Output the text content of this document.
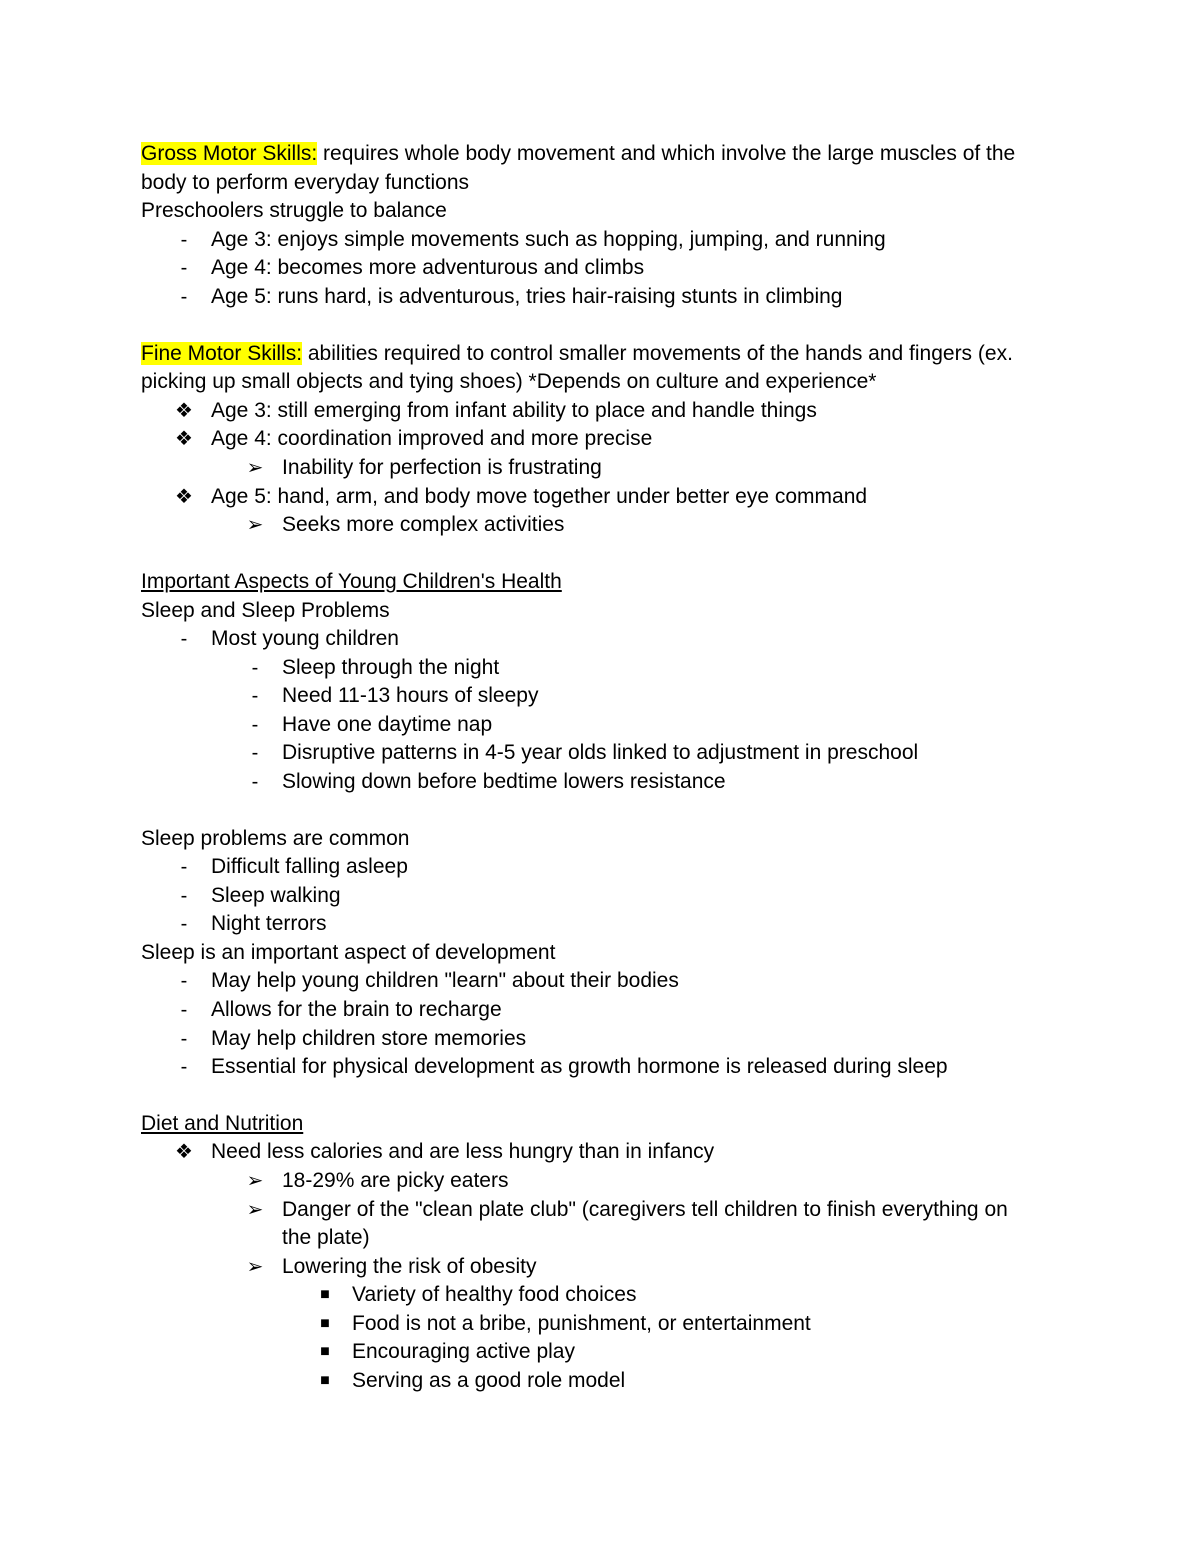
Gross Motor Skills: requires whole body movement and which involve the large muscles of the
body to perform everyday functions
Preschoolers struggle to balance
-	Age 3: enjoys simple movements such as hopping, jumping, and running
-	Age 4: becomes more adventurous and climbs
-	Age 5: runs hard, is adventurous, tries hair-raising stunts in climbing
Fine Motor Skills: abilities required to control smaller movements of the hands and fingers (ex.
picking up small objects and tying shoes) *Depends on culture and experience*
❖ Age 3: still emerging from infant ability to place and handle things
❖ Age 4: coordination improved and more precise
➢ Inability for perfection is frustrating
❖ Age 5: hand, arm, and body move together under better eye command
➢ Seeks more complex activities
Important Aspects of Young Children's Health
Sleep and Sleep Problems
-	Most young children
-	Sleep through the night
-	Need 11-13 hours of sleepy
-	Have one daytime nap
-	Disruptive patterns in 4-5 year olds linked to adjustment in preschool
-	Slowing down before bedtime lowers resistance
Sleep problems are common
-	Difficult falling asleep
-	Sleep walking
-	Night terrors
Sleep is an important aspect of development
-	May help young children "learn" about their bodies
-	Allows for the brain to recharge
-	May help children store memories
-	Essential for physical development as growth hormone is released during sleep
Diet and Nutrition
❖ Need less calories and are less hungry than in infancy
➢ 18-29% are picky eaters
➢ Danger of the "clean plate club" (caregivers tell children to finish everything on
the plate)
➢ Lowering the risk of obesity
■	Variety of healthy food choices
■	Food is not a bribe, punishment, or entertainment
■	Encouraging active play
■	Serving as a good role model
